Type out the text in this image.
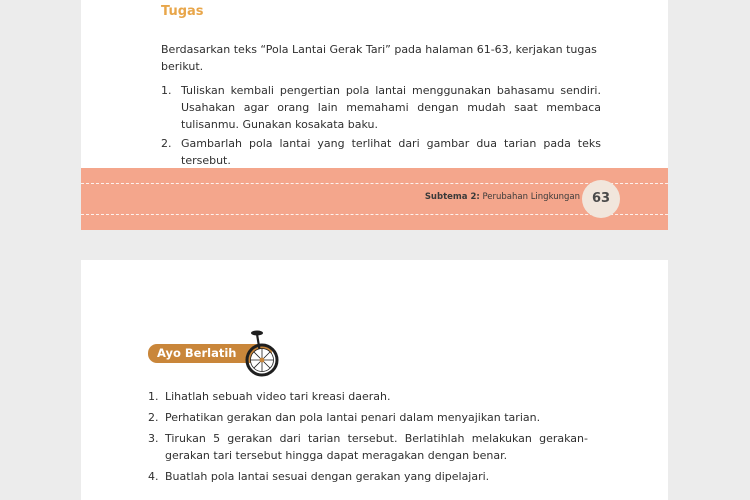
Tugas

Berdasarkan teks “Pola Lantai Gerak Tari” pada halaman 61-63, kerjakan tugas berikut.

1. Tuliskan kembali pengertian pola lantai menggunakan bahasamu sendiri. Usahakan agar orang lain memahami dengan mudah saat membaca tulisanmu. Gunakan kosakata baku.
2. Gambarlah pola lantai yang terlihat dari gambar dua tarian pada teks tersebut.
Subtema 2: Perubahan Lingkungan 63
Ayo Berlatih
1. Lihatlah sebuah video tari kreasi daerah.
2. Perhatikan gerakan dan pola lantai penari dalam menyajikan tarian.
3. Tirukan 5 gerakan dari tarian tersebut. Berlatihlah melakukan gerakan-gerakan tari tersebut hingga dapat meragakan dengan benar.
4. Buatlah pola lantai sesuai dengan gerakan yang dipelajari.
